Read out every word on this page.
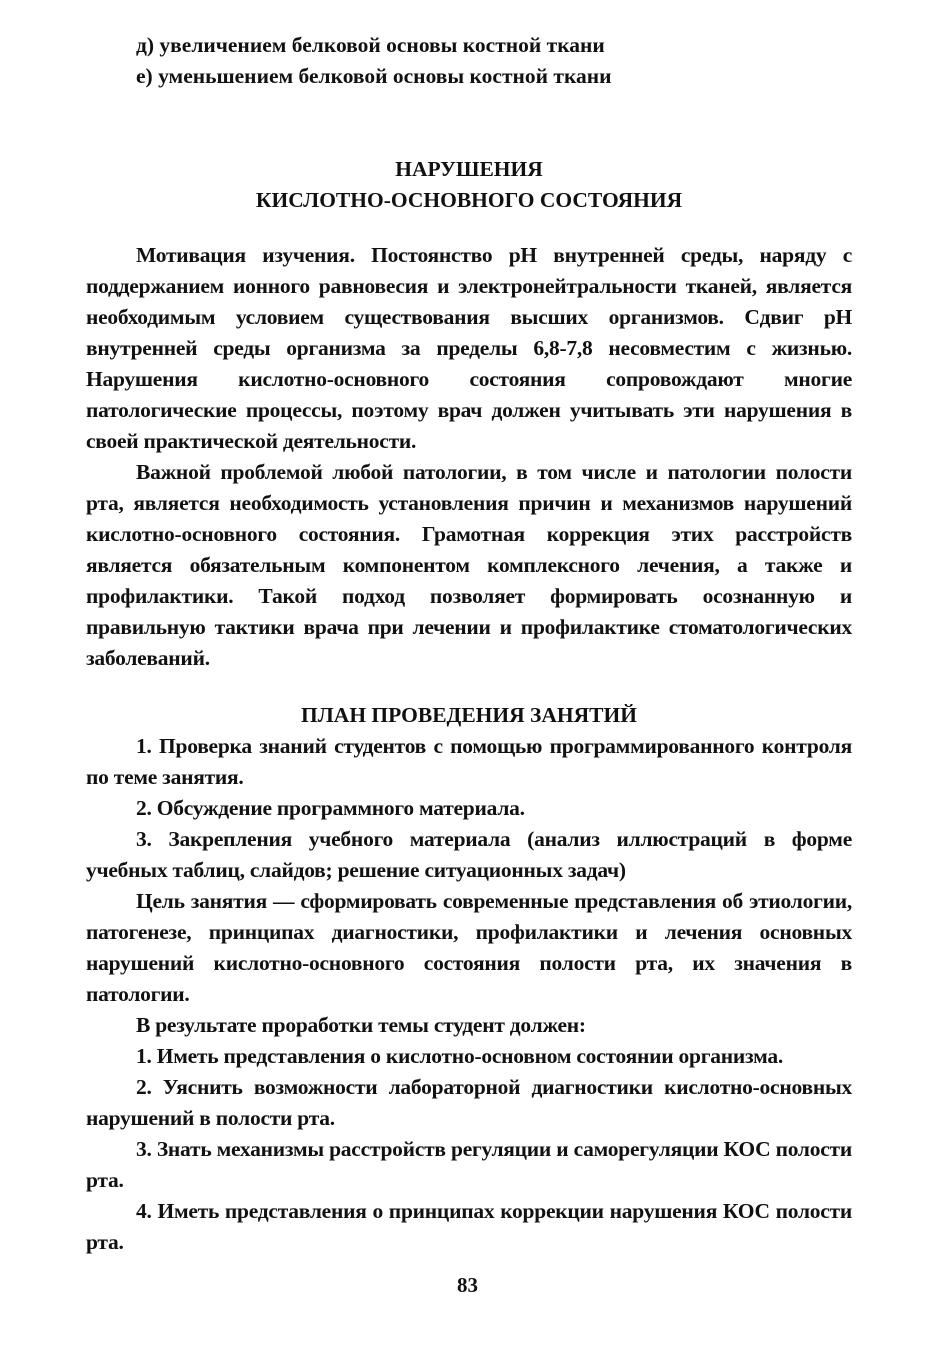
д) увеличением белковой основы костной ткани
е) уменьшением белковой основы костной ткани
НАРУШЕНИЯ
КИСЛОТНО-ОСНОВНОГО СОСТОЯНИЯ

Мотивация изучения. Постоянство pH внутренней среды, наряду с поддержанием ионного равновесия и электронейтральности тканей, является необходимым условием существования высших организмов. Сдвиг pH внутренней среды организма за пределы 6,8-7,8 несовместим с жизнью. Нарушения кислотно-основного состояния сопровождают многие патологические процессы, поэтому врач должен учитывать эти нарушения в своей практической деятельности.

Важной проблемой любой патологии, в том числе и патологии полости рта, является необходимость установления причин и механизмов нарушений кислотно-основного состояния. Грамотная коррекция этих расстройств является обязательным компонентом комплексного лечения, а также и профилактики. Такой подход позволяет формировать осознанную и правильную тактики врача при лечении и профилактике стоматологических заболеваний.

ПЛАН ПРОВЕДЕНИЯ ЗАНЯТИЙ

1. Проверка знаний студентов с помощью программированного контроля по теме занятия.

2. Обсуждение программного материала.

3. Закрепления учебного материала (анализ иллюстраций в форме учебных таблиц, слайдов; решение ситуационных задач)

Цель занятия — сформировать современные представления об этиологии, патогенезе, принципах диагностики, профилактики и лечения основных нарушений кислотно-основного состояния полости рта, их значения в патологии.

В результате проработки темы студент должен:

1. Иметь представления о кислотно-основном состоянии организма.

2. Уяснить возможности лабораторной диагностики кислотно-основных нарушений в полости рта.

3. Знать механизмы расстройств регуляции и саморегуляции КОС полости рта.

4. Иметь представления о принципах коррекции нарушения КОС полости рта.

83
